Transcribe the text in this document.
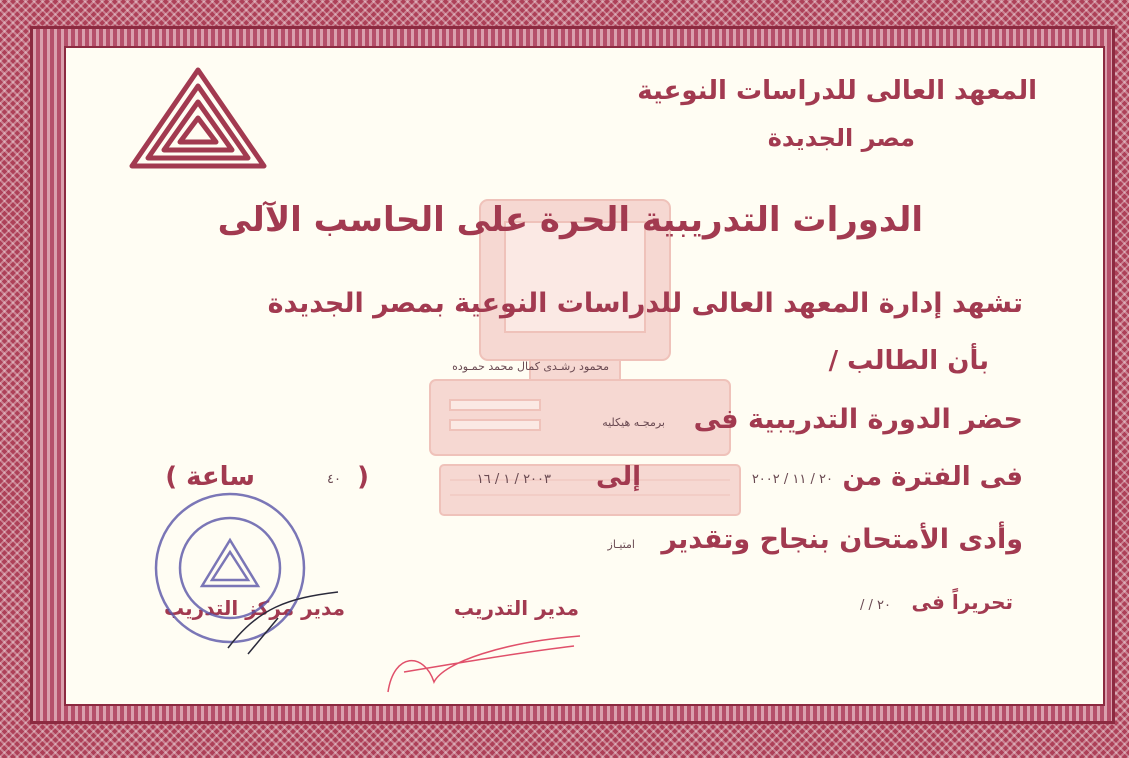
المعهد العالى للدراسات النوعية
مصر الجديدة
الدورات التدريبية الحرة على الحاسب الآلى
تشهد إدارة المعهد العالى للدراسات النوعية بمصر الجديدة
بأن الطالب /
محمود رشـدى كمال محمد حمـوده
حضر الدورة التدريبية فى
برمجـه هيكليه
فى الفترة من
٢٠ / ١١ / ٢٠٠٢
إلى
٢٠٠٣ / ١ / ١٦
(
٤٠
ساعة )
وأدى الأمتحان بنجاح وتقدير
امتيـاز
تحريراً فى
/ / ٢٠
مدير التدريب
مدير مركز التدريب
